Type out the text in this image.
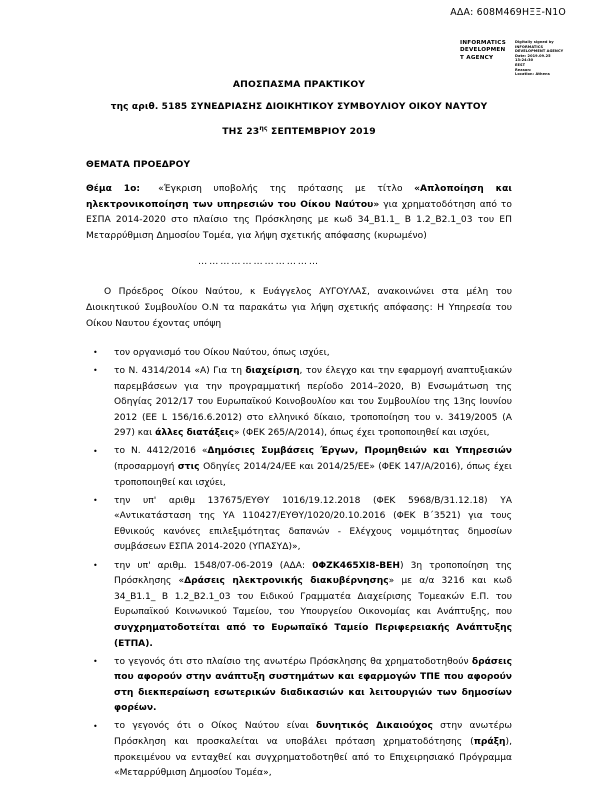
ΑΔΑ: 608Μ469ΗΞΞ-Ν1Ο
INFORMATICS
DEVELOPMEN
T AGENCY
Digitally signed by
INFORMATICS
DEVELOPMENT AGENCY
Date: 2019.09.25 13:24:30
EEST
Reason:
Location: Athens
ΑΠΟΣΠΑΣΜΑ ΠΡΑΚΤΙΚΟΥ
της αριθ. 5185 ΣΥΝΕΔΡΙΑΣΗΣ ΔΙΟΙΚΗΤΙΚΟΥ ΣΥΜΒΟΥΛΙΟΥ ΟΙΚΟΥ ΝΑΥΤΟΥ
ΤΗΣ $23^{\eta\varsigma}$ ΣΕΠΤΕΜΒΡΙΟΥ 2019
ΘΕΜΑΤΑ ΠΡΟΕΔΡΟΥ
Θέμα 1ο: «Έγκριση υποβολής της πρότασης με τίτλο «Απλοποίηση και ηλεκτρονικοποίηση των υπηρεσιών του Οίκου Ναύτου» για χρηματοδότηση από το ΕΣΠΑ 2014-2020 στο πλαίσιο της Πρόσκλησης με κωδ 34_Β1.1_ Β 1.2_Β2.1_03 του ΕΠ Μεταρρύθμιση Δημοσίου Τομέα, για λήψη σχετικής απόφασης (κυρωμένο)
……………………………
Ο Πρόεδρος Οίκου Ναύτου, κ Ευάγγελος ΑΥΓΟΥΛΑΣ, ανακοινώνει στα μέλη του Διοικητικού Συμβουλίου Ο.Ν τα παρακάτω για λήψη σχετικής απόφασης: Η Υπηρεσία του Οίκου Ναυτου έχοντας υπόψη
• τον οργανισμό του Οίκου Ναύτου, όπως ισχύει,
• το Ν. 4314/2014 «Α) Για τη διαχείριση, τον έλεγχο και την εφαρμογή αναπτυξιακών παρεμβάσεων για την προγραμματική περίοδο 2014–2020, Β) Ενσωμάτωση της Οδηγίας 2012/17 του Ευρωπαϊκού Κοινοβουλίου και του Συμβουλίου της 13ης Ιουνίου 2012 (ΕΕ L 156/16.6.2012) στο ελληνικό δίκαιο, τροποποίηση του ν. 3419/2005 (Α 297) και άλλες διατάξεις» (ΦΕΚ 265/Α/2014), όπως έχει τροποποιηθεί και ισχύει,
• το Ν. 4412/2016 «Δημόσιες Συμβάσεις Έργων, Προμηθειών και Υπηρεσιών (προσαρμογή στις Οδηγίες 2014/24/ΕΕ και 2014/25/ΕΕ» (ΦΕΚ 147/Α/2016), όπως έχει τροποποιηθεί και ισχύει,
• την υπ' αριθμ 137675/ΕΥΘΥ 1016/19.12.2018 (ΦΕΚ 5968/Β/31.12.18) ΥΑ «Αντικατάσταση της ΥΑ 110427/ΕΥΘΥ/1020/20.10.2016 (ΦΕΚ Β΄3521) για τους Εθνικούς κανόνες επιλεξιμότητας δαπανών - Ελέγχους νομιμότητας δημοσίων συμβάσεων ΕΣΠΑ 2014-2020 (ΥΠΑΣΥΔ)»,
• την υπ' αριθμ. 1548/07-06-2019 (ΑΔΑ: 0ΦΖΚ465ΧΙ8-ΒΕΗ) 3η τροποποίηση της Πρόσκλησης «Δράσεις ηλεκτρονικής διακυβέρνησης» με α/α 3216 και κωδ 34_Β1.1_ Β 1.2_Β2.1_03 του Ειδικού Γραμματέα Διαχείρισης Τομεακών Ε.Π. του Ευρωπαϊκού Κοινωνικού Ταμείου, του Υπουργείου Οικονομίας και Ανάπτυξης, που συγχρηματοδοτείται από το Ευρωπαϊκό Ταμείο Περιφερειακής Ανάπτυξης (ΕΤΠΑ).
• το γεγονός ότι στο πλαίσιο της ανωτέρω Πρόσκλησης θα χρηματοδοτηθούν δράσεις που αφορούν στην ανάπτυξη συστημάτων και εφαρμογών ΤΠΕ που αφορούν στη διεκπεραίωση εσωτερικών διαδικασιών και λειτουργιών των δημοσίων φορέων.
• το γεγονός ότι ο Οίκος Ναύτου είναι δυνητικός Δικαιούχος στην ανωτέρω Πρόσκληση και προσκαλείται να υποβάλει πρόταση χρηματοδότησης (πράξη), προκειμένου να ενταχθεί και συγχρηματοδοτηθεί από το Επιχειρησιακό Πρόγραμμα «Μεταρρύθμιση Δημοσίου Τομέα»,
